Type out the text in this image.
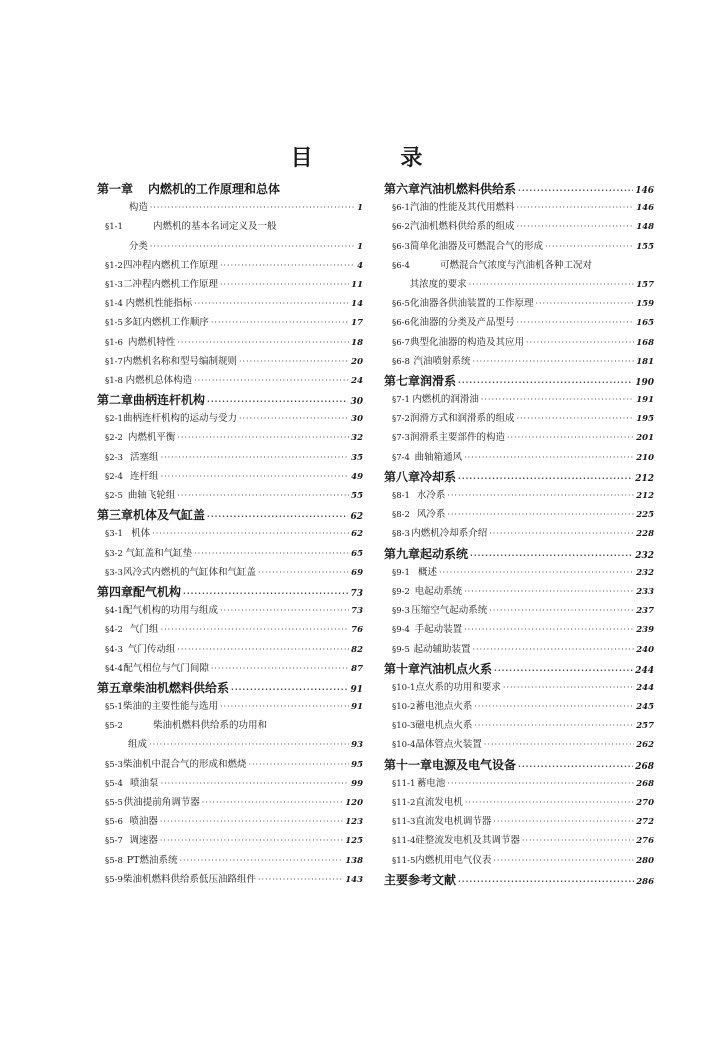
目 录
第一章	内燃机的工作原理和总体
构造 ·····	1
§1-1	内燃机的基本名词定义及一般
分类 ·····	1
§1-2 四冲程内燃机工作原理 ·····	4
§1-3 二冲程内燃机工作原理 ·····	11
§1-4 内燃机性能指标 ·····	14
§1-5 多缸内燃机工作顺序 ·····	17
§1-6 内燃机特性 ·····	18
§1-7 内燃机名称和型号编制规则 ·····	20
§1-8 内燃机总体构造 ·····	24
第二章 曲柄连杆机构 ·····	30
§2-1 曲柄连杆机构的运动与受力 ·····	30
§2-2 内燃机平衡 ·····	32
§2-3 活塞组 ·····	35
§2-4 连杆组 ·····	49
§2-5 曲轴飞轮组 ·····	55
第三章 机体及气缸盖 ·····	62
§3-1 机体 ·····	62
§3-2 气缸盖和气缸垫 ·····	65
§3-3 风冷式内燃机的气缸体和气缸盖 ·····	69
第四章 配气机构 ·····	73
§4-1 配气机构的功用与组成 ·····	73
§4-2 气门组 ·····	76
§4-3 气门传动组 ·····	82
§4-4 配气相位与气门间隙 ·····	87
第五章 柴油机燃料供给系 ·····	91
§5-1 柴油的主要性能与选用 ·····	91
§5-2	柴油机燃料供给系的功用和
组成 ·····	93
§5-3 柴油机中混合气的形成和燃烧 ·····	95
§5-4 喷油泵 ·····	99
§5-5 供油提前角调节器 ·····	120
§5-6 喷油器 ·····	123
§5-7 调速器 ·····	125
§5-8 PT燃油系统 ·····	138
§5-9 柴油机燃料供给系低压油路组件 ·····	143
第六章 汽油机燃料供给系 ·····	146
§6-1 汽油的性能及其代用燃料 ·····	146
§6-2 汽油机燃料供给系的组成 ·····	148
§6-3 简单化油器及可燃混合气的形成 ·····	155
§6-4	可燃混合气浓度与汽油机各种工况对
其浓度的要求 ·····	157
§6-5 化油器各供油装置的工作原理 ·····	159
§6-6 化油器的分类及产品型号 ·····	165
§6-7 典型化油器的构造及其应用 ·····	168
§6-8 汽油喷射系统 ·····	181
第七章 润滑系 ·····	190
§7-1 内燃机的润滑油 ·····	191
§7-2 润滑方式和润滑系的组成 ·····	195
§7-3 润滑系主要部件的构造 ·····	201
§7-4 曲轴箱通风 ·····	210
第八章 冷却系 ·····	212
§8-1 水冷系 ·····	212
§8-2 风冷系 ·····	225
§8-3 内燃机冷却系介绍 ·····	228
第九章 起动系统 ·····	232
§9-1 概述 ·····	232
§9-2 电起动系统 ·····	233
§9-3 压缩空气起动系统 ·····	237
§9-4 手起动装置 ·····	239
§9-5 起动辅助装置 ·····	240
第十章 汽油机点火系 ·····	244
§10-1 点火系的功用和要求 ·····	244
§10-2 蓄电池点火系 ·····	245
§10-3 磁电机点火系 ·····	257
§10-4 晶体管点火装置 ·····	262
第十一章 电源及电气设备 ·····	268
§11-1 蓄电池 ·····	268
§11-2 直流发电机 ·····	270
§11-3 直流发电机调节器 ·····	272
§11-4 硅整流发电机及其调节器 ·····	276
§11-5 内燃机用电气仪表 ·····	280
主要参考文献 ·····	286
